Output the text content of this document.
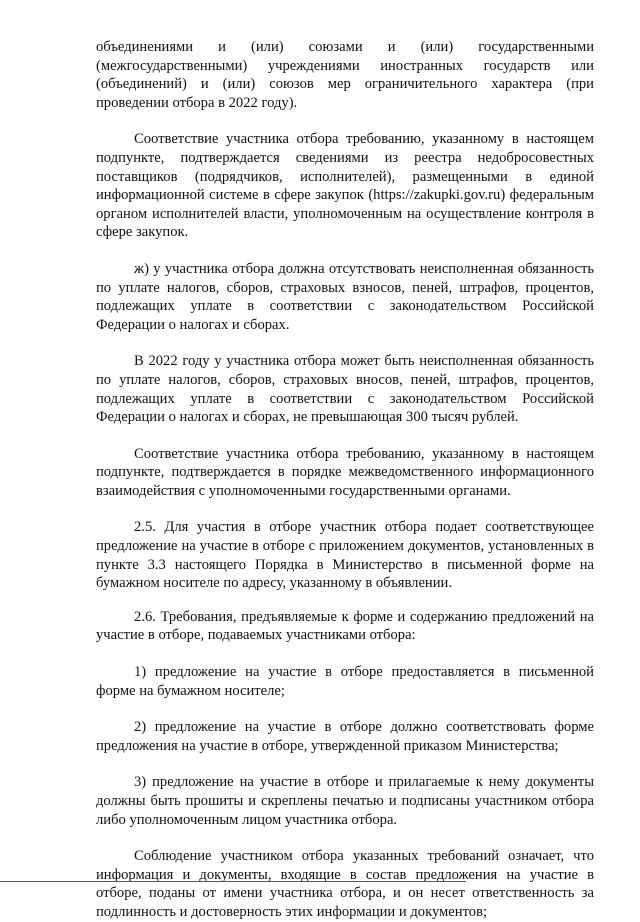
объединениями и (или) союзами и (или) государственными (межгосударственными) учреждениями иностранных государств или (объединений) и (или) союзов мер ограничительного характера (при проведении отбора в 2022 году).

Соответствие участника отбора требованию, указанному в настоящем подпункте, подтверждается сведениями из реестра недобросовестных поставщиков (подрядчиков, исполнителей), размещенными в единой информационной системе в сфере закупок (https://zakupki.gov.ru) федеральным органом исполнителей власти, уполномоченным на осуществление контроля в сфере закупок.

ж) у участника отбора должна отсутствовать неисполненная обязанность по уплате налогов, сборов, страховых взносов, пеней, штрафов, процентов, подлежащих уплате в соответствии с законодательством Российской Федерации о налогах и сборах.

В 2022 году у участника отбора может быть неисполненная обязанность по уплате налогов, сборов, страховых вносов, пеней, штрафов, процентов, подлежащих уплате в соответствии с законодательством Российской Федерации о налогах и сборах, не превышающая 300 тысяч рублей.

Соответствие участника отбора требованию, указанному в настоящем подпункте, подтверждается в порядке межведомственного информационного взаимодействия с уполномоченными государственными органами.

2.5. Для участия в отборе участник отбора подает соответствующее предложение на участие в отборе с приложением документов, установленных в пункте 3.3 настоящего Порядка в Министерство в письменной форме на бумажном носителе по адресу, указанному в объявлении.

2.6. Требования, предъявляемые к форме и содержанию предложений на участие в отборе, подаваемых участниками отбора:

1) предложение на участие в отборе предоставляется в письменной форме на бумажном носителе;

2) предложение на участие в отборе должно соответствовать форме предложения на участие в отборе, утвержденной приказом Министерства;

3) предложение на участие в отборе и прилагаемые к нему документы должны быть прошиты и скреплены печатью и подписаны участником отбора либо уполномоченным лицом участника отбора.

Соблюдение участником отбора указанных требований означает, что информация и документы, входящие в состав предложения на участие в отборе, поданы от имени участника отбора, и он несет ответственность за подлинность и достоверность этих информации и документов;
